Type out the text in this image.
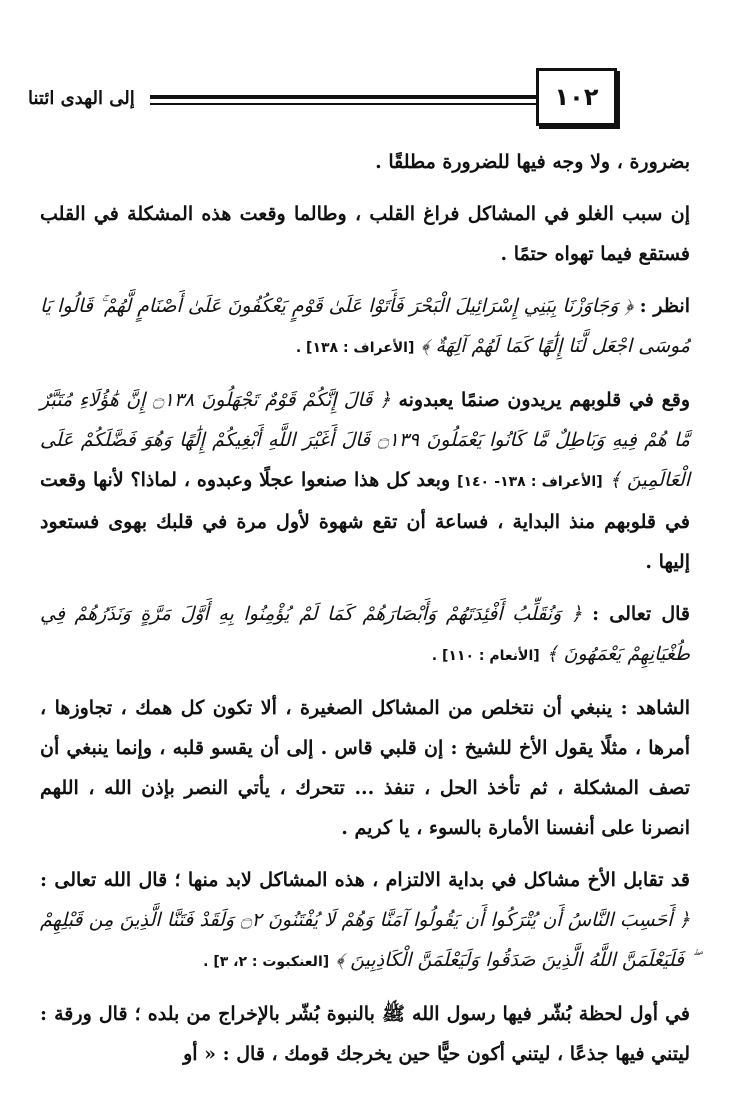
إلى الهدى ائتنا	١٠٢

بضرورة ، ولا وجه فيها للضرورة مطلقًا .

إن سبب الغلو في المشاكل فراغ القلب ، وطالما وقعت هذه المشكلة في القلب فستقع فيما تهواه حتمًا .

انظر : ﴿ وَجَاوَزْنَا بِبَنِي إِسْرَائِيلَ الْبَحْرَ فَأَتَوْا عَلَىٰ قَوْمٍ يَعْكُفُونَ عَلَىٰ أَصْنَامٍ لَّهُمْ ۚ قَالُوا يَا مُوسَى اجْعَل لَّنَا إِلَٰهًا كَمَا لَهُمْ آلِهَةٌ ﴾ [الأعراف : ١٣٨] .

وقع في قلوبهم يريدون صنمًا يعبدونه ﴿ قَالَ إِنَّكُمْ قَوْمٌ تَجْهَلُونَ ۝١٣٨ إِنَّ هَٰؤُلَاءِ مُتَبَّرٌ مَّا هُمْ فِيهِ وَبَاطِلٌ مَّا كَانُوا يَعْمَلُونَ ۝١٣٩ قَالَ أَغَيْرَ اللَّهِ أَبْغِيكُمْ إِلَٰهًا وَهُوَ فَضَّلَكُمْ عَلَى الْعَالَمِينَ ﴾ [الأعراف : ١٣٨- ١٤٠] وبعد كل هذا صنعوا عجلًا وعبدوه ، لماذا؟ لأنها وقعت في قلوبهم منذ البداية ، فساعة أن تقع شهوة لأول مرة في قلبك بهوى فستعود إليها .

قال تعالى : ﴿ وَنُقَلِّبُ أَفْئِدَتَهُمْ وَأَبْصَارَهُمْ كَمَا لَمْ يُؤْمِنُوا بِهِ أَوَّلَ مَرَّةٍ وَنَذَرُهُمْ فِي طُغْيَانِهِمْ يَعْمَهُونَ ﴾ [الأنعام : ١١٠] .

الشاهد : ينبغي أن نتخلص من المشاكل الصغيرة ، ألا تكون كل همك ، تجاوزها ، أمرها ، مثلًا يقول الأخ للشيخ : إن قلبي قاس . إلى أن يقسو قلبه ، وإنما ينبغي أن تصف المشكلة ، ثم تأخذ الحل ، تنفذ ... تتحرك ، يأتي النصر بإذن الله ، اللهم انصرنا على أنفسنا الأمارة بالسوء ، يا كريم .

قد تقابل الأخ مشاكل في بداية الالتزام ، هذه المشاكل لابد منها ؛ قال الله تعالى : ﴿ أَحَسِبَ النَّاسُ أَن يُتْرَكُوا أَن يَقُولُوا آمَنَّا وَهُمْ لَا يُفْتَنُونَ ۝٢ وَلَقَدْ فَتَنَّا الَّذِينَ مِن قَبْلِهِمْ ۖ فَلَيَعْلَمَنَّ اللَّهُ الَّذِينَ صَدَقُوا وَلَيَعْلَمَنَّ الْكَاذِبِينَ ﴾ [العنكبوت : ٢، ٣] .

في أول لحظة بُشّر فيها رسول الله ﷺ بالنبوة بُشّر بالإخراج من بلده ؛ قال ورقة : ليتني فيها جذعًا ، ليتني أكون حيًّا حين يخرجك قومك ، قال : « أو
